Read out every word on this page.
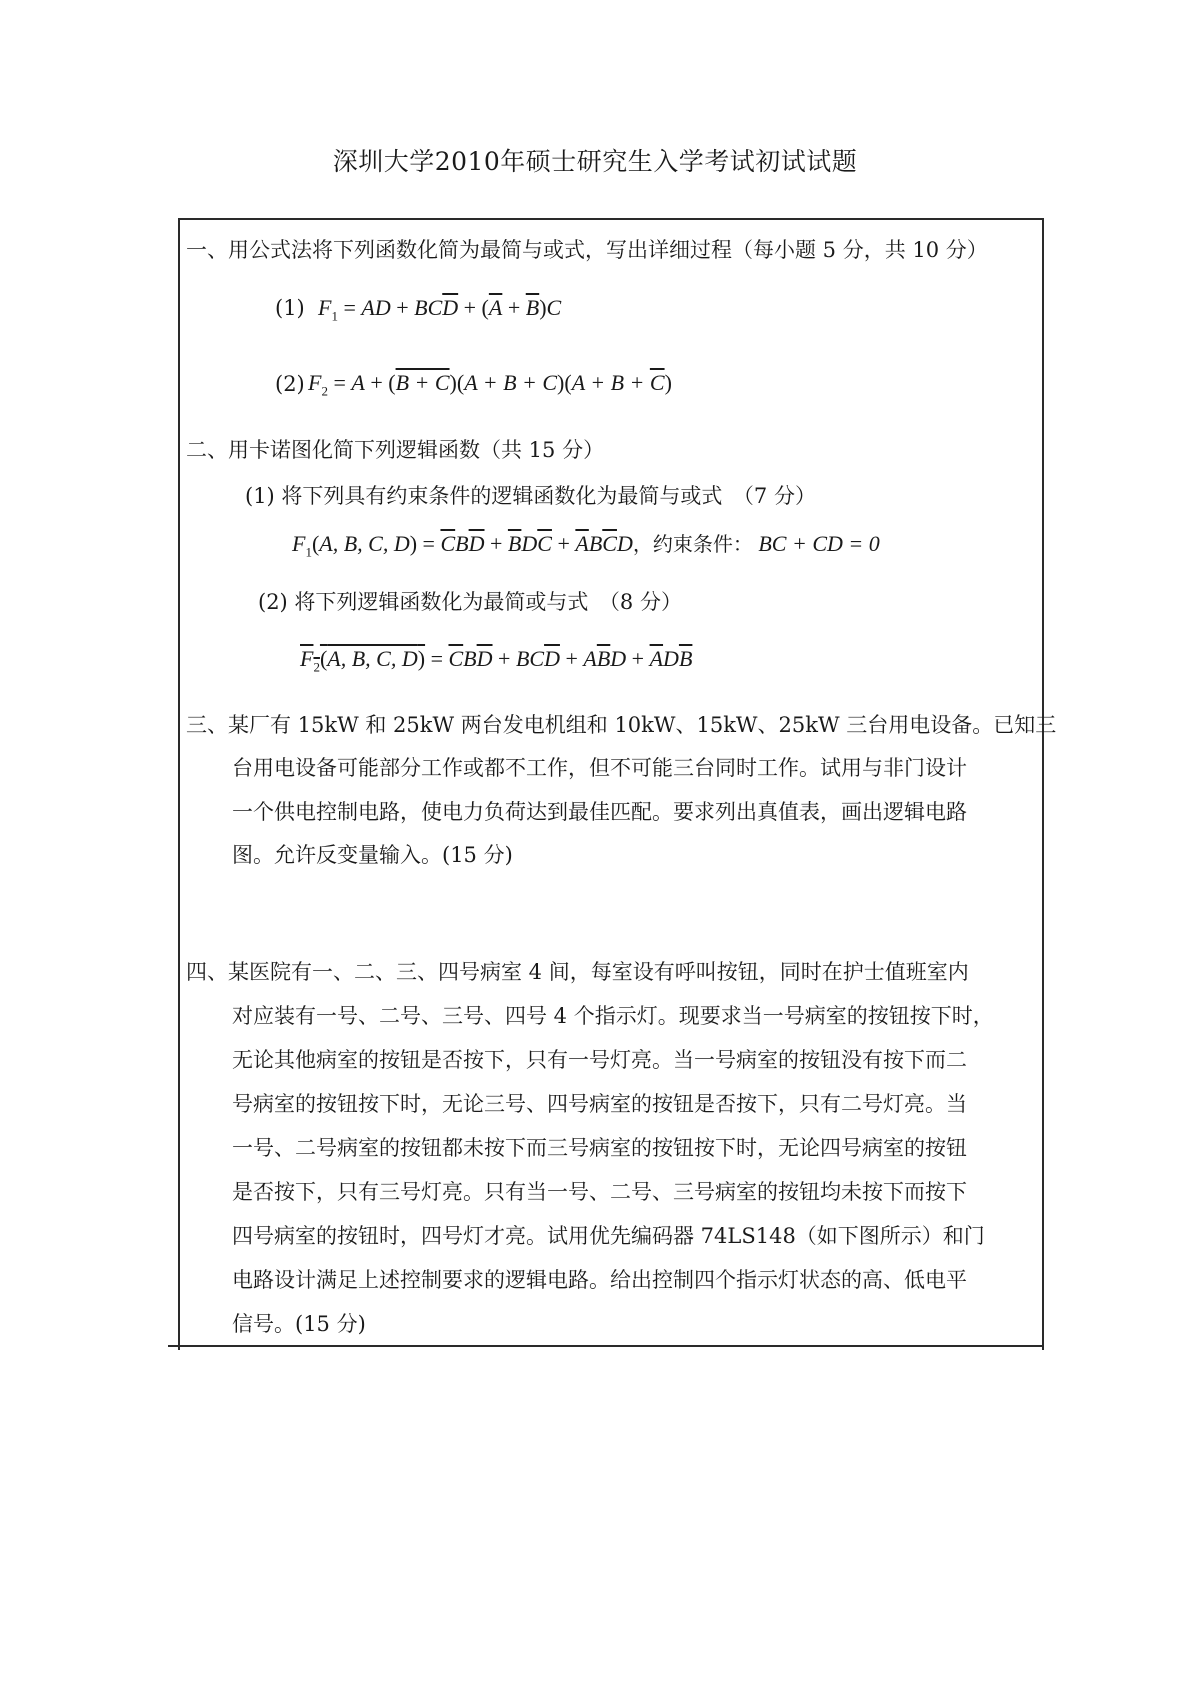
深圳大学2010年硕士研究生入学考试初试试题
一、用公式法将下列函数化简为最简与或式，写出详细过程（每小题 5 分，共 10 分）
(1) $F_1$ = AD + $BC\overline{D} + (\overline{A} + \overline{B})C$
(2) $F_2 = A + (B + C)(A + B + C)(A + B + \overline{C})$
二、用卡诺图化简下列逻辑函数（共 15 分）
(1) 将下列具有约束条件的逻辑函数化为最简与或式　（7 分）
$F_1(A$, B, C, $D) = \overline{C}B\overline{D} + \overline{B}D\overline{C} + \overline{A}B\overline{C}D$，约束条件： BC + CD = 0
(2) 将下列逻辑函数化为最简或与式　（8 分）
$F_2(A$, B, C, $D) = \overline{C}B\overline{D} + BC\overline{D} + A\overline{B}D + \overline{A}D\overline{B}$
三、某厂有 15kW 和 25kW 两台发电机组和 10kW、15kW、25kW 三台用电设备。已知三
台用电设备可能部分工作或都不工作，但不可能三台同时工作。试用与非门设计
一个供电控制电路，使电力负荷达到最佳匹配。要求列出真值表，画出逻辑电路
图。允许反变量输入。(15 分)
四、某医院有一、二、三、四号病室 4 间，每室设有呼叫按钮，同时在护士值班室内
对应装有一号、二号、三号、四号 4 个指示灯。现要求当一号病室的按钮按下时，
无论其他病室的按钮是否按下，只有一号灯亮。当一号病室的按钮没有按下而二
号病室的按钮按下时，无论三号、四号病室的按钮是否按下，只有二号灯亮。当
一号、二号病室的按钮都未按下而三号病室的按钮按下时，无论四号病室的按钮
是否按下，只有三号灯亮。只有当一号、二号、三号病室的按钮均未按下而按下
四号病室的按钮时，四号灯才亮。试用优先编码器 74LS148（如下图所示）和门
电路设计满足上述控制要求的逻辑电路。给出控制四个指示灯状态的高、低电平
信号。(15 分)
